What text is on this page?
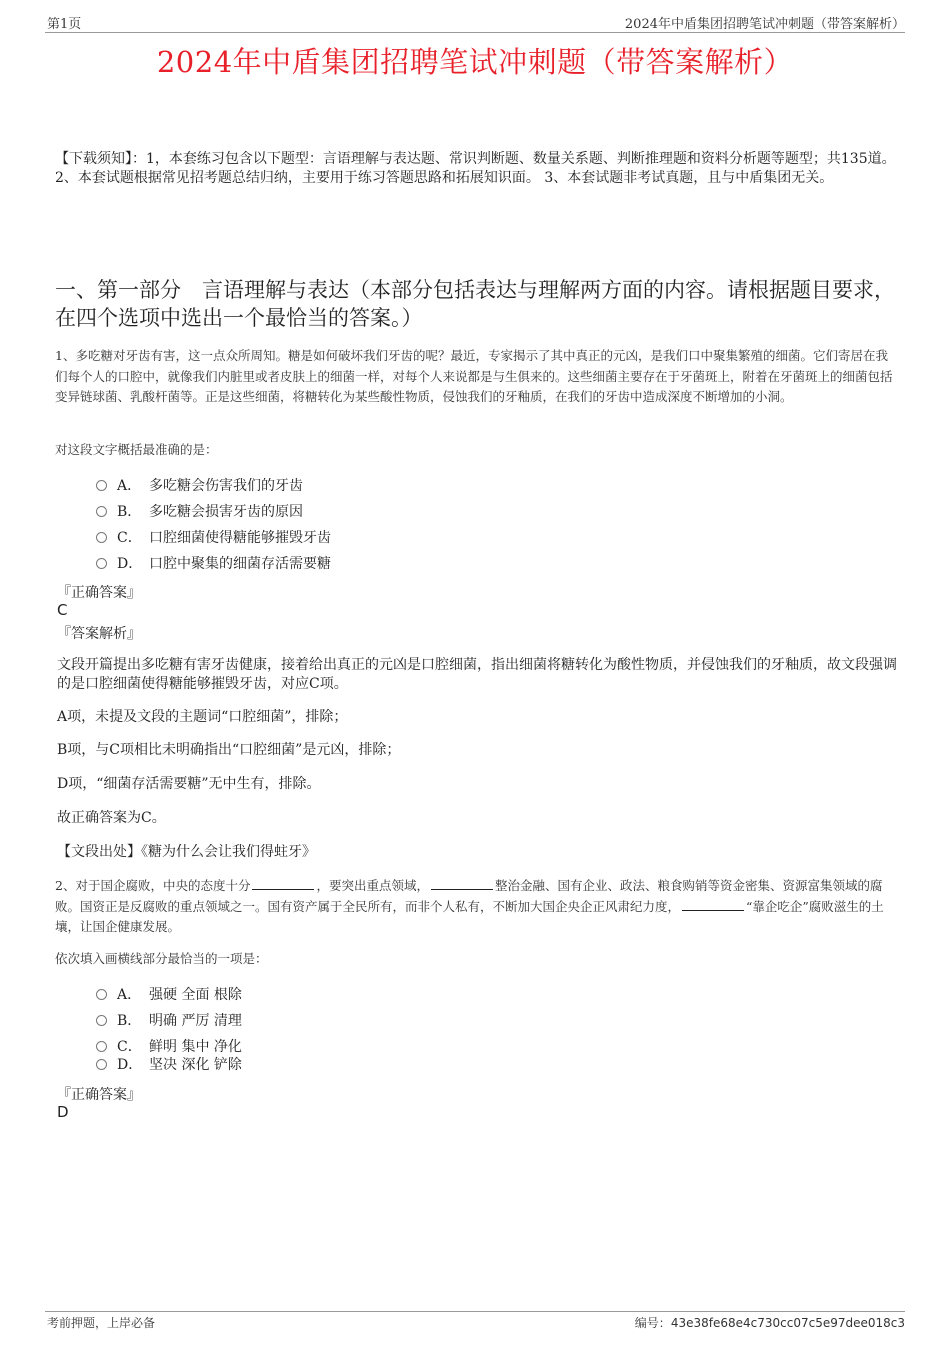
第1页	2024年中盾集团招聘笔试冲刺题（带答案解析）
2024年中盾集团招聘笔试冲刺题（带答案解析）
【下载须知】：1，本套练习包含以下题型：言语理解与表达题、常识判断题、数量关系题、判断推理题和资料分析题等题型；共135道。 2、本套试题根据常见招考题总结归纳，主要用于练习答题思路和拓展知识面。 3、本套试题非考试真题，且与中盾集团无关。
一、第一部分　言语理解与表达（本部分包括表达与理解两方面的内容。请根据题目要求，在四个选项中选出一个最恰当的答案。）
1、多吃糖对牙齿有害，这一点众所周知。糖是如何破坏我们牙齿的呢？最近，专家揭示了其中真正的元凶，是我们口中聚集繁殖的细菌。它们寄居在我们每个人的口腔中，就像我们内脏里或者皮肤上的细菌一样，对每个人来说都是与生俱来的。这些细菌主要存在于牙菌斑上，附着在牙菌斑上的细菌包括变异链球菌、乳酸杆菌等。正是这些细菌，将糖转化为某些酸性物质，侵蚀我们的牙釉质，在我们的牙齿中造成深度不断增加的小洞。
对这段文字概括最准确的是：
A． 多吃糖会伤害我们的牙齿
B． 多吃糖会损害牙齿的原因
C． 口腔细菌使得糖能够摧毁牙齿
D． 口腔中聚集的细菌存活需要糖
『正确答案』
C
『答案解析』
文段开篇提出多吃糖有害牙齿健康，接着给出真正的元凶是口腔细菌，指出细菌将糖转化为酸性物质，并侵蚀我们的牙釉质，故文段强调的是口腔细菌使得糖能够摧毁牙齿，对应C项。
A项，未提及文段的主题词“口腔细菌”，排除；
B项，与C项相比未明确指出“口腔细菌”是元凶，排除；
D项，“细菌存活需要糖”无中生有，排除。
故正确答案为C。
【文段出处】《糖为什么会让我们得蛀牙》
2、对于国企腐败，中央的态度十分	，要突出重点领域，	整治金融、国有企业、政法、粮食购销等资金密集、资源富集领域的腐败。国资正是反腐败的重点领域之一。国有资产属于全民所有，而非个人私有，不断加大国企央企正风肃纪力度，	“靠企吃企”腐败滋生的土壤，让国企健康发展。
依次填入画横线部分最恰当的一项是：
A． 强硬 全面 根除
B． 明确 严厉 清理
C． 鲜明 集中 净化
D． 坚决 深化 铲除
『正确答案』
D
考前押题，上岸必备	编号：43e38fe68e4c730cc07c5e97dee018c3
